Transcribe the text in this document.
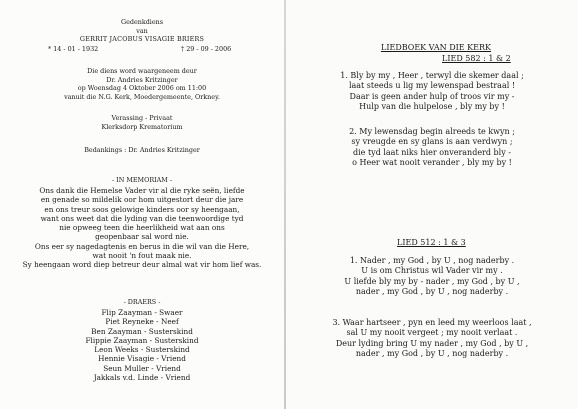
Gedenkdiens
van
GERRIT JACOBUS VISAGIE BRIERS
* 14 - 01 - 1932	† 29 - 09 - 2006
Die diens word waargeneem deur
Dr. Andries Kritzinger
op Woensdag 4 Oktober 2006 om 11:00
vanuit die N.G. Kerk, Moedergemeente, Orkney.
Verassing - Privaat
Klerksdorp Krematorium
Bedankings : Dr. Andries Kritzinger
- IN MEMORIAM -
Ons dank die Hemelse Vader vir al die ryke seën, liefde
en genade so mildelik oor hom uitgestort deur die jare
en ons treur soos gelowige kinders oor sy heengaan,
want ons weet dat die lyding van die teenwoordige tyd
nie opweeg teen die heerlikheid wat aan ons
geopenbaar sal word nie.
Ons eer sy nagedagtenis en berus in die wil van die Here,
wat nooit 'n fout maak nie.
Sy heengaan word diep betreur deur almal wat vir hom lief was.
- DRAERS -
Flip Zaayman - Swaer
Piet Reyneke - Neef
Ben Zaayman - Susterskind
Flippie Zaayman - Susterskind
Leon Weeks - Susterskind
Hennie Visagie - Vriend
Seun Muller - Vriend
Jakkals v.d. Linde - Vriend
LIEDBOEK VAN DIE KERK
LIED 582 : 1 & 2
1. Bly by my , Heer , terwyl die skemer daal ;
laat steeds u lig my lewenspad bestraal !
Daar is geen ander hulp of troos vir my -
Hulp van die hulpelose , bly my by !
2. My lewensdag begin alreeds te kwyn ;
sy vreugde en sy glans is aan verdwyn ;
die tyd laat niks hier onveranderd bly -
o Heer wat nooit verander , bly my by !
LIED 512 : 1 & 3
1. Nader , my God , by U , nog naderby .
U is om Christus wil Vader vir my .
U liefde bly my by - nader , my God , by U ,
nader , my God , by U , nog naderby .
3. Waar hartseer , pyn en leed my weerloos laat ,
sal U my nooit vergeet ; my nooit verlaat .
Deur lyding bring U my nader , my God , by U ,
nader , my God , by U , nog naderby .
